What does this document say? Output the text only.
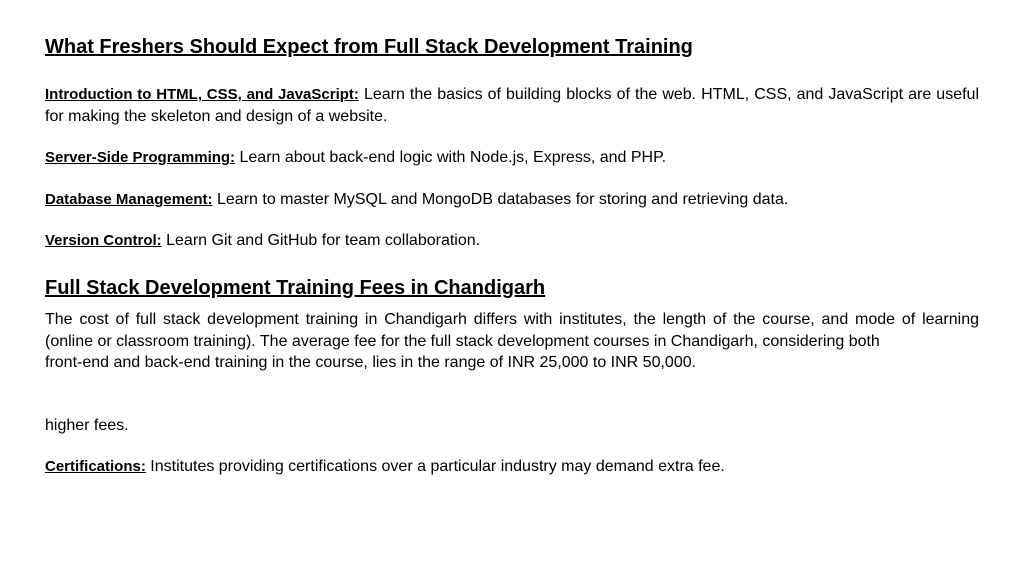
What Freshers Should Expect from Full Stack Development Training

Introduction to HTML, CSS, and JavaScript: Learn the basics of building blocks of the web. HTML, CSS, and JavaScript are useful for making the skeleton and design of a website.

Server-Side Programming: Learn about back-end logic with Node.js, Express, and PHP.

Database Management: Learn to master MySQL and MongoDB databases for storing and retrieving data.

Version Control: Learn Git and GitHub for team collaboration.

Full Stack Development Training Fees in Chandigarh

The cost of full stack development training in Chandigarh differs with institutes, the length of the course, and mode of learning (online or classroom training). The average fee for the full stack development courses in Chandigarh, considering both
front-end and back-end training in the course, lies in the range of INR 25,000 to INR 50,000.

higher fees.

Certifications: Institutes providing certifications over a particular industry may demand extra fee.
